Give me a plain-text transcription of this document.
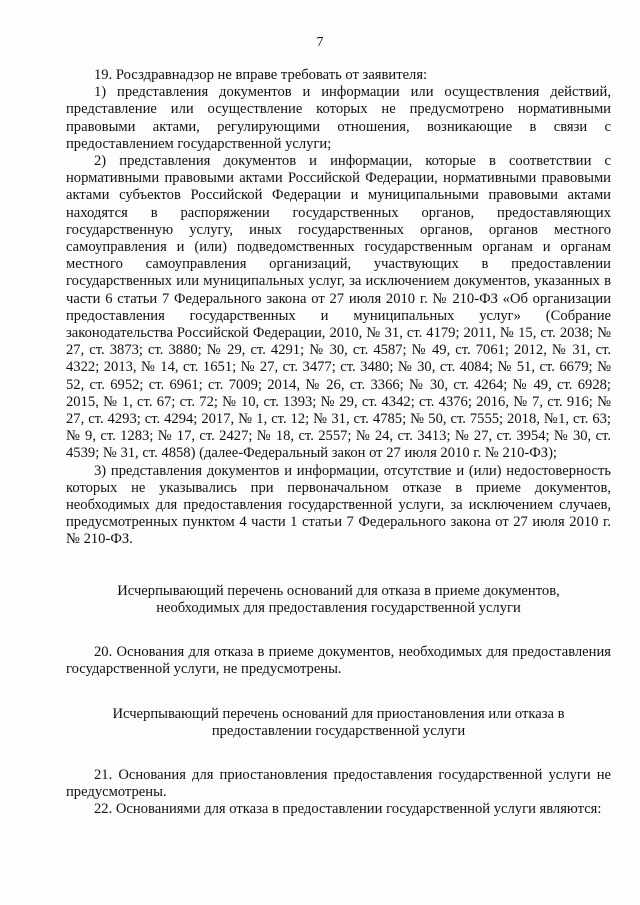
7

19. Росздравнадзор не вправе требовать от заявителя:

1) представления документов и информации или осуществления действий, представление или осуществление которых не предусмотрено нормативными правовыми актами, регулирующими отношения, возникающие в связи с предоставлением государственной услуги;

2) представления документов и информации, которые в соответствии с нормативными правовыми актами Российской Федерации, нормативными правовыми актами субъектов Российской Федерации и муниципальными правовыми актами находятся в распоряжении государственных органов, предоставляющих государственную услугу, иных государственных органов, органов местного самоуправления и (или) подведомственных государственным органам и органам местного самоуправления организаций, участвующих в предоставлении государственных или муниципальных услуг, за исключением документов, указанных в части 6 статьи 7 Федерального закона от 27 июля 2010 г. № 210-ФЗ «Об организации предоставления государственных и муниципальных услуг» (Собрание законодательства Российской Федерации, 2010, № 31, ст. 4179; 2011, № 15, ст. 2038; № 27, ст. 3873; ст. 3880; № 29, ст. 4291; № 30, ст. 4587; № 49, ст. 7061; 2012, № 31, ст. 4322; 2013, № 14, ст. 1651; № 27, ст. 3477; ст. 3480; № 30, ст. 4084; № 51, ст. 6679; № 52, ст. 6952; ст. 6961; ст. 7009; 2014, № 26, ст. 3366; № 30, ст. 4264; № 49, ст. 6928; 2015, № 1, ст. 67; ст. 72; № 10, ст. 1393; № 29, ст. 4342; ст. 4376; 2016, № 7, ст. 916; № 27, ст. 4293; ст. 4294; 2017, № 1, ст. 12; № 31, ст. 4785; № 50, ст. 7555; 2018, №1, ст. 63; № 9, ст. 1283; № 17, ст. 2427; № 18, ст. 2557; № 24, ст. 3413; № 27, ст. 3954; № 30, ст. 4539; № 31, ст. 4858) (далее-Федеральный закон от 27 июля 2010 г. № 210-ФЗ);

3) представления документов и информации, отсутствие и (или) недостоверность которых не указывались при первоначальном отказе в приеме документов, необходимых для предоставления государственной услуги, за исключением случаев, предусмотренных пунктом 4 части 1 статьи 7 Федерального закона от 27 июля 2010 г. № 210-ФЗ.

Исчерпывающий перечень оснований для отказа в приеме документов, необходимых для предоставления государственной услуги

20. Основания для отказа в приеме документов, необходимых для предоставления государственной услуги, не предусмотрены.

Исчерпывающий перечень оснований для приостановления или отказа в предоставлении государственной услуги

21. Основания для приостановления предоставления государственной услуги не предусмотрены.

22. Основаниями для отказа в предоставлении государственной услуги являются:
